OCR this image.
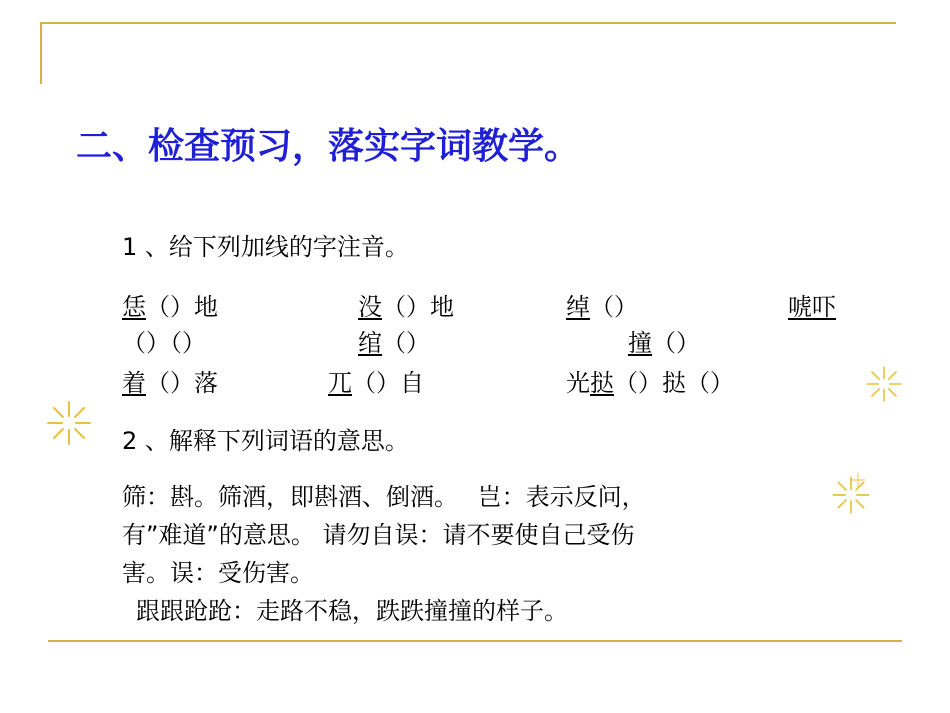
二、检查预习，落实字词教学。
1 、给下列加线的字注音。
恁（）地	没（）地	绰（）	唬吓
（）（）	绾（）	撞（）
着（）落	兀（）自	光挞（）挞（）
2 、解释下列词语的意思。
筛：斟。筛酒，即斟酒、倒酒。　 岂：表示反问，
有”难道”的意思。 请勿自误：请不要使自己受伤
害。误：受伤害。
跟跟跄跄：走路不稳，跌跌撞撞的样子。
